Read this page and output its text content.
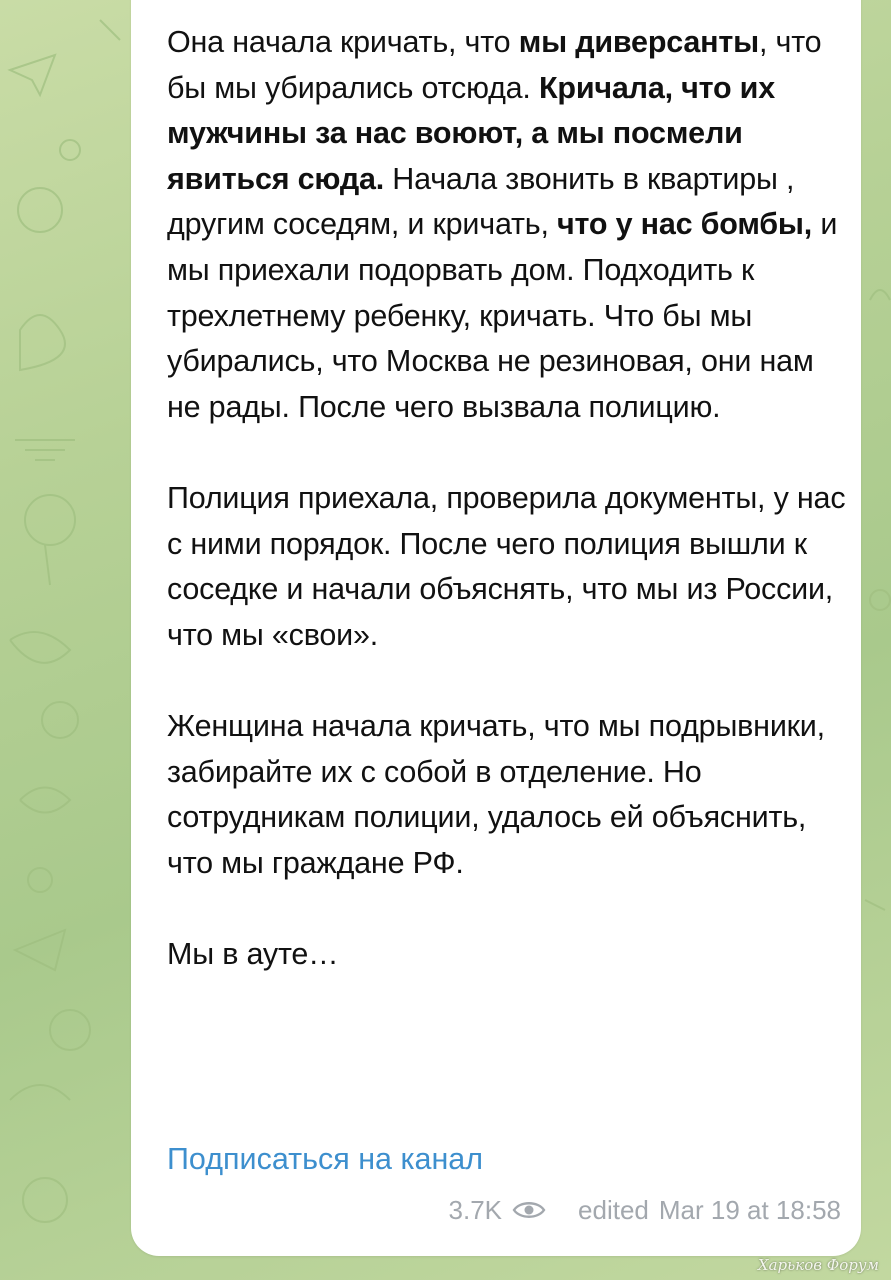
Она начала кричать, что мы диверсанты, что бы мы убирались отсюда. Кричала, что их мужчины за нас воюют, а мы посмели явиться сюда. Начала звонить в квартиры , другим соседям, и кричать, что у нас бомбы, и мы приехали подорвать дом. Подходить к трехлетнему ребенку, кричать. Что бы мы убирались, что Москва не резиновая, они нам не рады. После чего вызвала полицию.

Полиция приехала, проверила документы, у нас с ними порядок. После чего полиция вышли к соседке и начали объяснять, что мы из России, что мы «свои».

Женщина начала кричать, что мы подрывники, забирайте их с собой в отделение. Но сотрудникам полиции, удалось ей объяснить, что мы граждане РФ.

Мы в ауте…

Подписаться на канал
3.7K	edited Mar 19 at 18:58
Харьков Форум
